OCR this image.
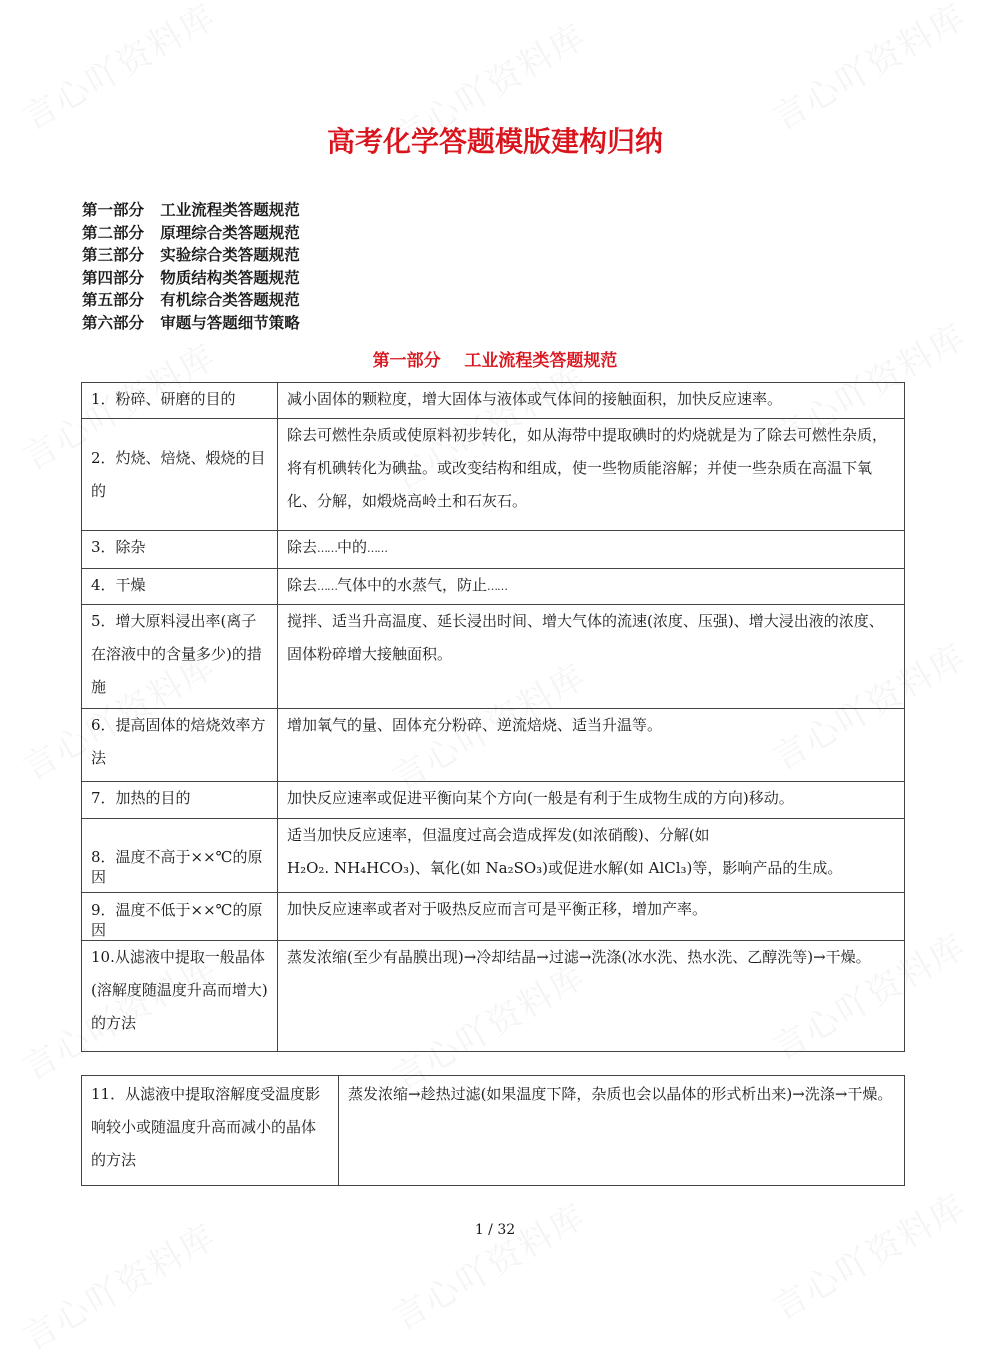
高考化学答题模版建构归纳
第一部分   工业流程类答题规范
第二部分   原理综合类答题规范
第三部分   实验综合类答题规范
第四部分   物质结构类答题规范
第五部分   有机综合类答题规范
第六部分   审题与答题细节策略
第一部分    工业流程类答题规范
1．粉碎、研磨的目的	减小固体的颗粒度，增大固体与液体或气体间的接触面积，加快反应速率。
2．灼烧、焙烧、煅烧的目的	除去可燃性杂质或使原料初步转化，如从海带中提取碘时的灼烧就是为了除去可燃性杂质，将有机碘转化为碘盐。或改变结构和组成，使一些物质能溶解；并使一些杂质在高温下氧化、分解，如煅烧高岭土和石灰石。
3．除杂	除去……中的……
4．干燥	除去……气体中的水蒸气，防止……
5．增大原料浸出率(离子在溶液中的含量多少)的措施	搅拌、适当升高温度、延长浸出时间、增大气体的流速(浓度、压强)、增大浸出液的浓度、固体粉碎增大接触面积。
6．提高固体的焙烧效率方法	增加氧气的量、固体充分粉碎、逆流焙烧、适当升温等。
7．加热的目的	加快反应速率或促进平衡向某个方向(一般是有利于生成物生成的方向)移动。
8．温度不高于××℃的原因	适当加快反应速率，但温度过高会造成挥发(如浓硝酸)、分解(如
H₂O₂. NH₄HCO₃)、氧化(如 Na₂SO₃)或促进水解(如 AlCl₃)等，影响产品的生成。

9．温度不低于××℃的原因	加快反应速率或者对于吸热反应而言可是平衡正移，增加产率。
10.从滤液中提取一般晶体(溶解度随温度升高而增大)的方法	蒸发浓缩(至少有晶膜出现)→冷却结晶→过滤→洗涤(冰水洗、热水洗、乙醇洗等)→干燥。
11．从滤液中提取溶解度受温度影响较小或随温度升高而减小的晶体的方法	蒸发浓缩→趁热过滤(如果温度下降，杂质也会以晶体的形式析出来)→洗涤→干燥。
1 / 32
